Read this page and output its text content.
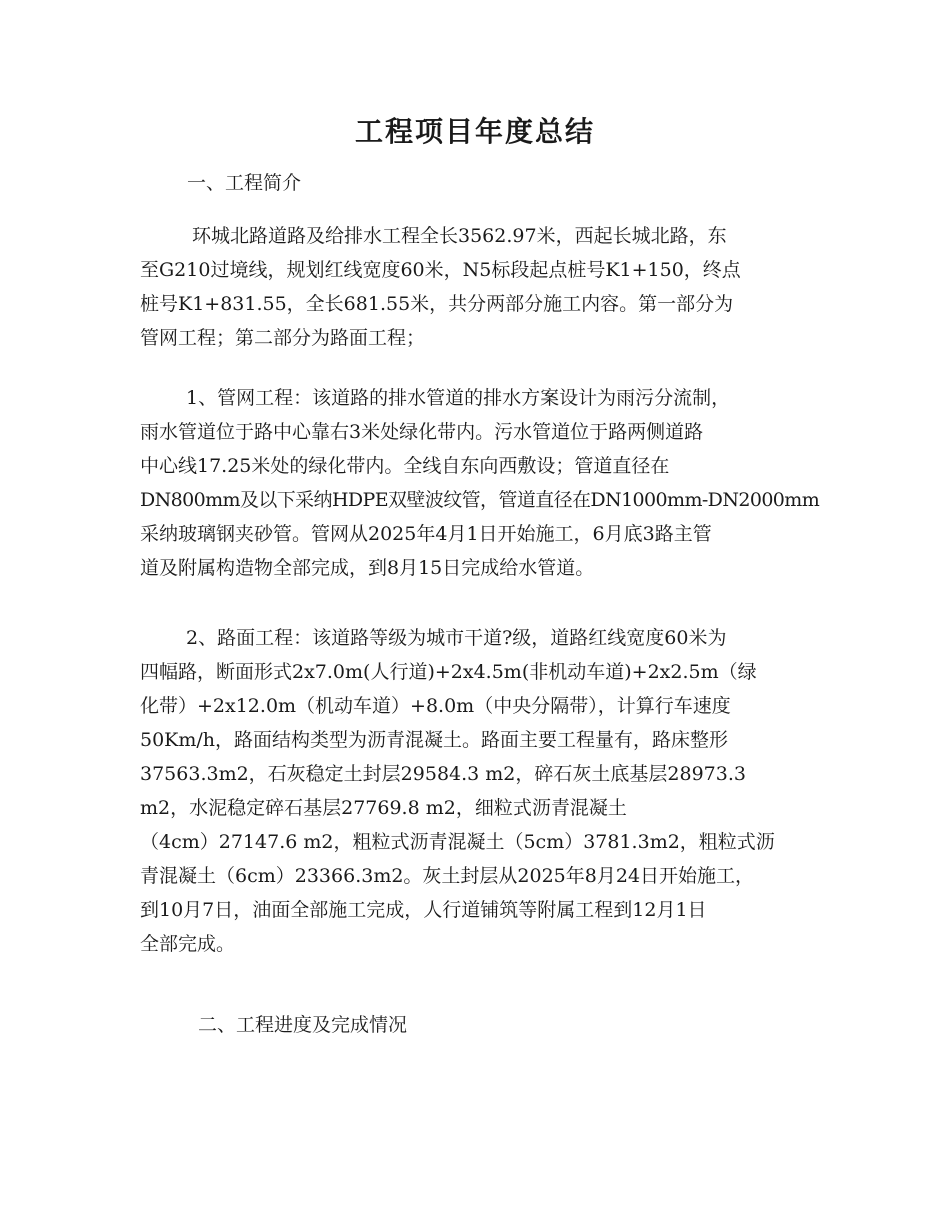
工程项目年度总结
一、工程简介
环城北路道路及给排水工程全长3562.97米，西起长城北路，东
至G210过境线，规划红线宽度60米，N5标段起点桩号K1+150，终点
桩号K1+831.55，全长681.55米，共分两部分施工内容。第一部分为
管网工程；第二部分为路面工程；
1、管网工程：该道路的排水管道的排水方案设计为雨污分流制，
雨水管道位于路中心靠右3米处绿化带内。污水管道位于路两侧道路
中心线17.25米处的绿化带内。全线自东向西敷设；管道直径在
DN800mm及以下采纳HDPE双壁波纹管，管道直径在DN1000mm-DN2000mm
采纳玻璃钢夹砂管。管网从2025年4月1日开始施工，6月底3路主管
道及附属构造物全部完成，到8月15日完成给水管道。
2、路面工程：该道路等级为城市干道?级，道路红线宽度60米为
四幅路，断面形式2x7.0m(人行道)+2x4.5m(非机动车道)+2x2.5m（绿
化带）+2x12.0m（机动车道）+8.0m（中央分隔带），计算行车速度
50Km/h，路面结构类型为沥青混凝土。路面主要工程量有，路床整形
37563.3m2，石灰稳定土封层29584.3 m2，碎石灰土底基层28973.3
m2，水泥稳定碎石基层27769.8 m2，细粒式沥青混凝土
（4cm）27147.6 m2，粗粒式沥青混凝土（5cm）3781.3m2，粗粒式沥
青混凝土（6cm）23366.3m2。灰土封层从2025年8月24日开始施工，
到10月7日，油面全部施工完成，人行道铺筑等附属工程到12月1日
全部完成。
二、工程进度及完成情况
